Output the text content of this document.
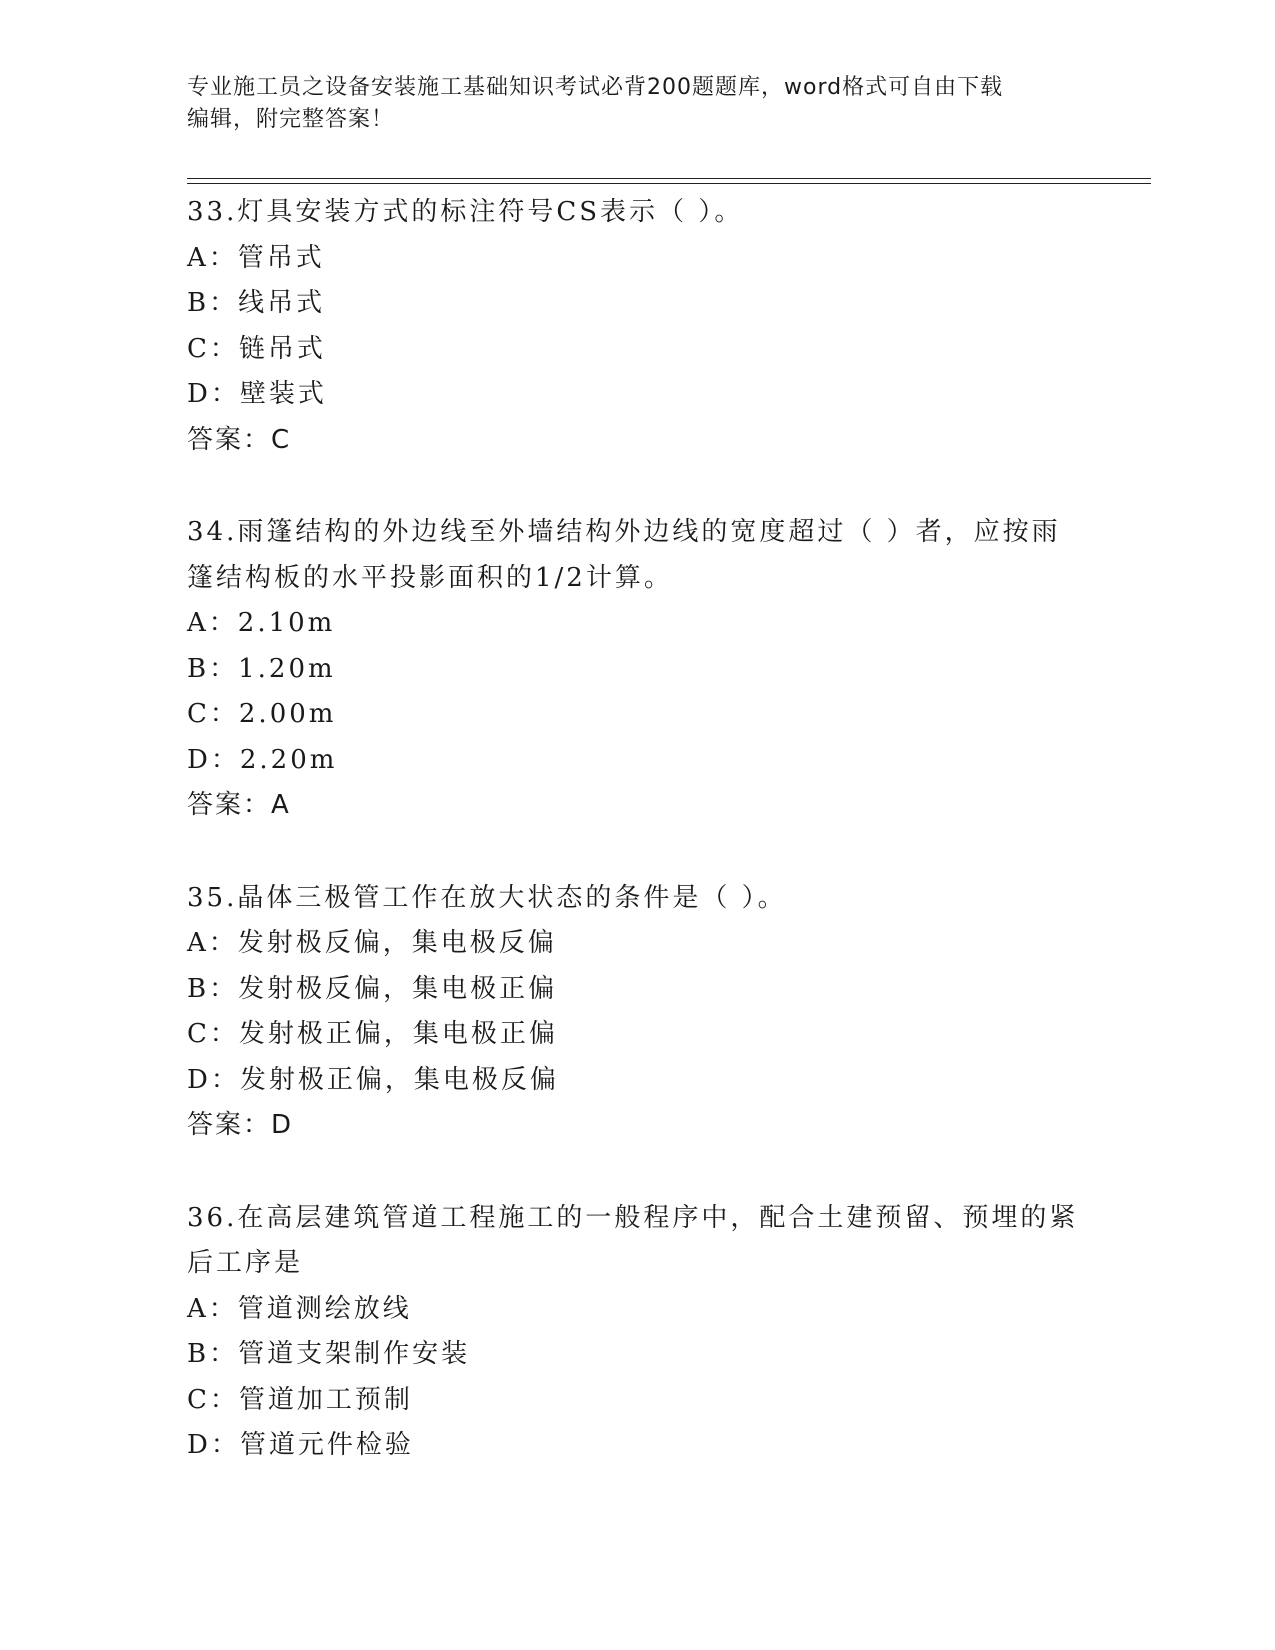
专业施工员之设备安装施工基础知识考试必背200题题库，word格式可自由下载
编辑，附完整答案！

33.灯具安装方式的标注符号CS表示（ ）。

A：管吊式

B：线吊式

C：链吊式

D：壁装式

答案：C

34.雨篷结构的外边线至外墙结构外边线的宽度超过（ ）者，应按雨

篷结构板的水平投影面积的1/2计算。

A：2.10m

B：1.20m

C：2.00m

D：2.20m

答案：A

35.晶体三极管工作在放大状态的条件是（ ）。

A：发射极反偏，集电极反偏

B：发射极反偏，集电极正偏

C：发射极正偏，集电极正偏

D：发射极正偏，集电极反偏

答案：D

36.在高层建筑管道工程施工的一般程序中，配合土建预留、预埋的紧

后工序是

A：管道测绘放线

B：管道支架制作安装

C：管道加工预制

D：管道元件检验
